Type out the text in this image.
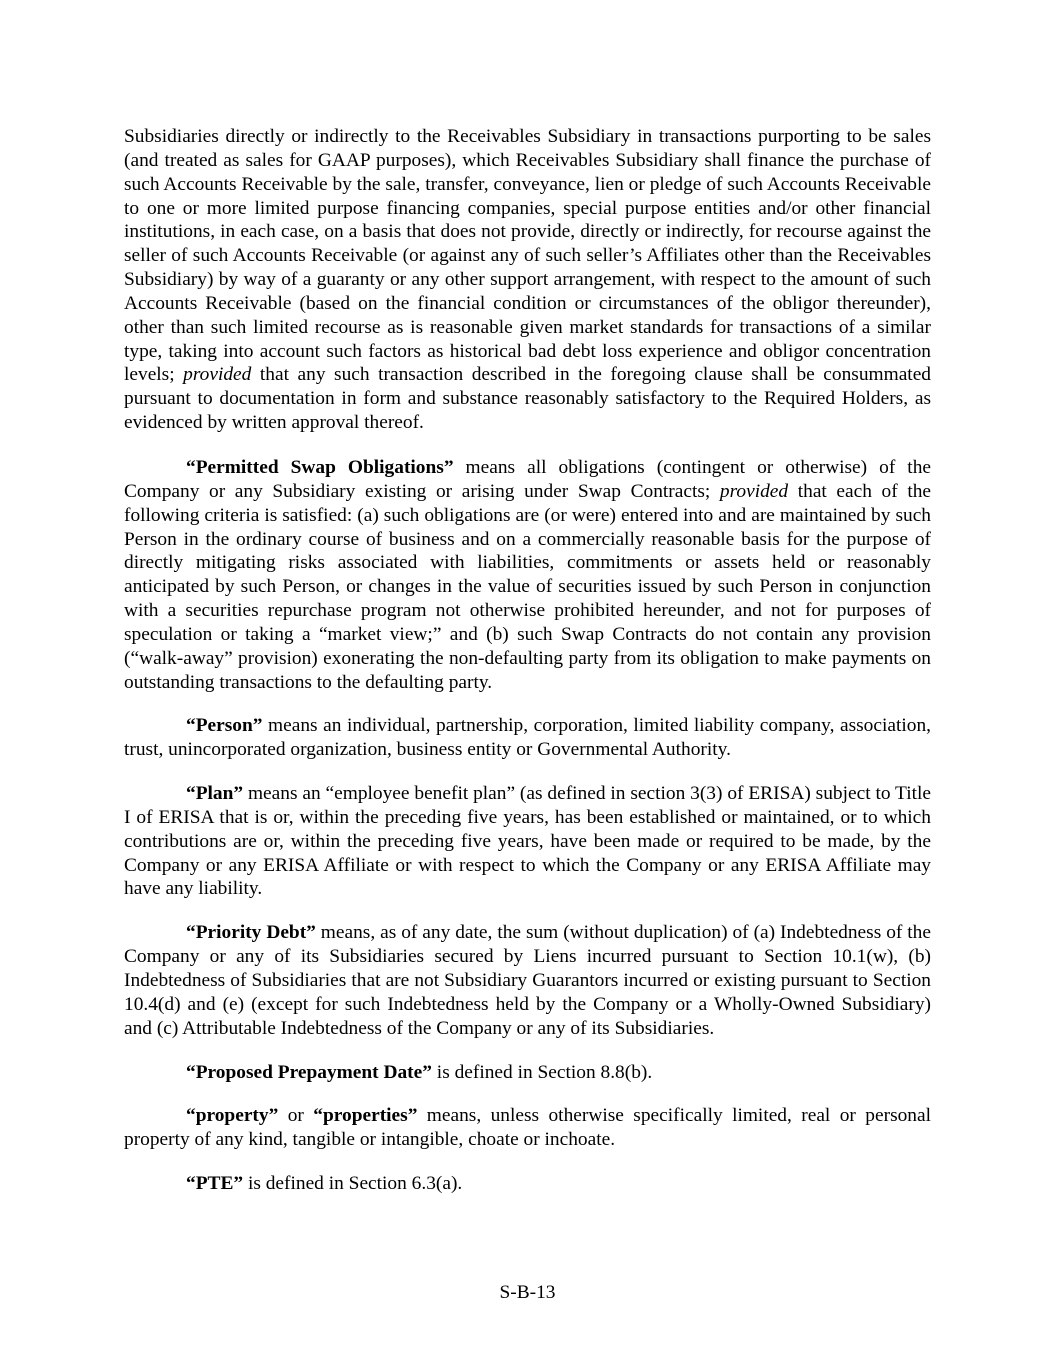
Subsidiaries directly or indirectly to the Receivables Subsidiary in transactions purporting to be sales (and treated as sales for GAAP purposes), which Receivables Subsidiary shall finance the purchase of such Accounts Receivable by the sale, transfer, conveyance, lien or pledge of such Accounts Receivable to one or more limited purpose financing companies, special purpose entities and/or other financial institutions, in each case, on a basis that does not provide, directly or indirectly, for recourse against the seller of such Accounts Receivable (or against any of such seller’s Affiliates other than the Receivables Subsidiary) by way of a guaranty or any other support arrangement, with respect to the amount of such Accounts Receivable (based on the financial condition or circumstances of the obligor thereunder), other than such limited recourse as is reasonable given market standards for transactions of a similar type, taking into account such factors as historical bad debt loss experience and obligor concentration levels; provided that any such transaction described in the foregoing clause shall be consummated pursuant to documentation in form and substance reasonably satisfactory to the Required Holders, as evidenced by written approval thereof.

“Permitted Swap Obligations” means all obligations (contingent or otherwise) of the Company or any Subsidiary existing or arising under Swap Contracts; provided that each of the following criteria is satisfied: (a) such obligations are (or were) entered into and are maintained by such Person in the ordinary course of business and on a commercially reasonable basis for the purpose of directly mitigating risks associated with liabilities, commitments or assets held or reasonably anticipated by such Person, or changes in the value of securities issued by such Person in conjunction with a securities repurchase program not otherwise prohibited hereunder, and not for purposes of speculation or taking a “market view;” and (b) such Swap Contracts do not contain any provision (“walk-away” provision) exonerating the non-defaulting party from its obligation to make payments on outstanding transactions to the defaulting party.

“Person” means an individual, partnership, corporation, limited liability company, association, trust, unincorporated organization, business entity or Governmental Authority.

“Plan” means an “employee benefit plan” (as defined in section 3(3) of ERISA) subject to Title I of ERISA that is or, within the preceding five years, has been established or maintained, or to which contributions are or, within the preceding five years, have been made or required to be made, by the Company or any ERISA Affiliate or with respect to which the Company or any ERISA Affiliate may have any liability.

“Priority Debt” means, as of any date, the sum (without duplication) of (a) Indebtedness of the Company or any of its Subsidiaries secured by Liens incurred pursuant to Section 10.1(w), (b) Indebtedness of Subsidiaries that are not Subsidiary Guarantors incurred or existing pursuant to Section 10.4(d) and (e) (except for such Indebtedness held by the Company or a Wholly-Owned Subsidiary) and (c) Attributable Indebtedness of the Company or any of its Subsidiaries.

“Proposed Prepayment Date” is defined in Section 8.8(b).

“property” or “properties” means, unless otherwise specifically limited, real or personal property of any kind, tangible or intangible, choate or inchoate.

“PTE” is defined in Section 6.3(a).

S-B-13
